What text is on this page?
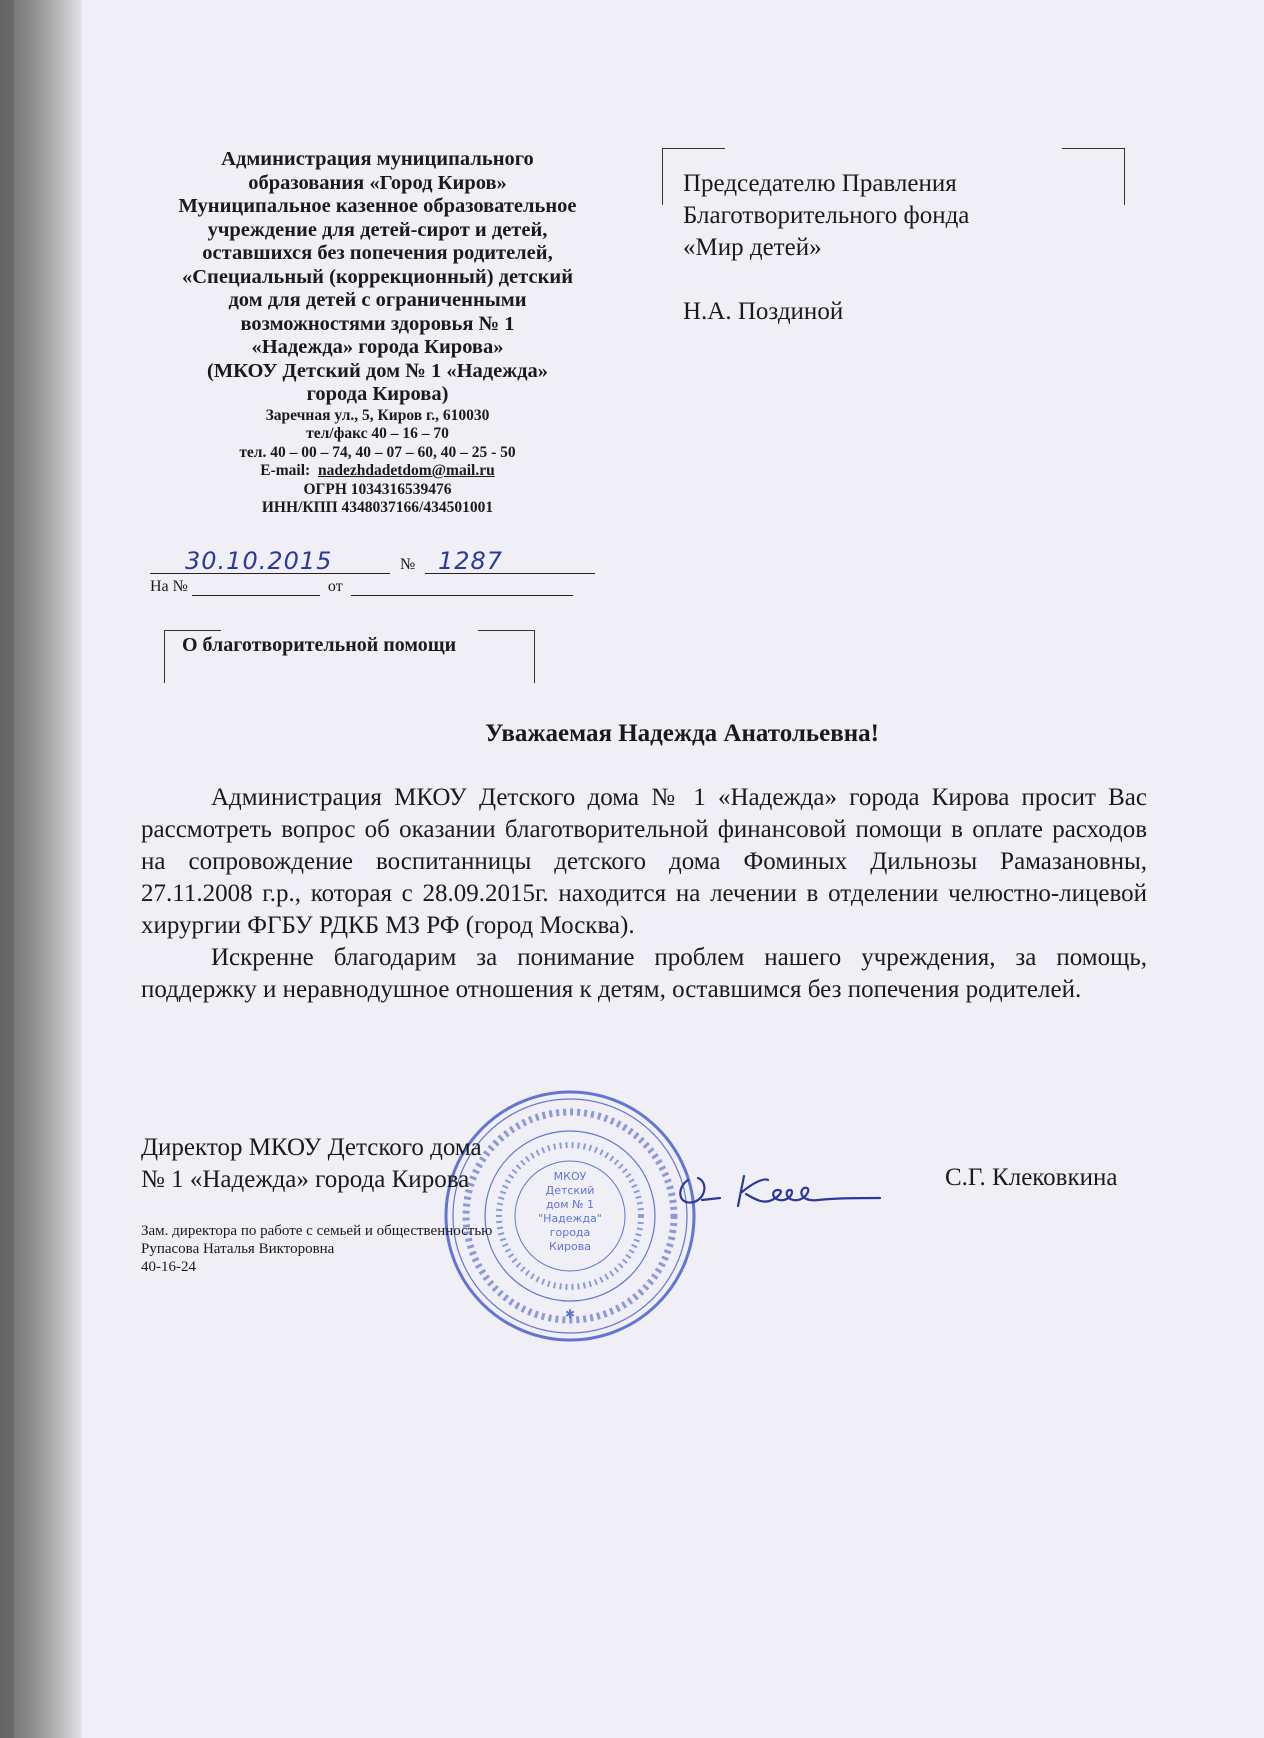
Администрация муниципального
образования «Город Киров»
Муниципальное казенное образовательное
учреждение для детей-сирот и детей,
оставшихся без попечения родителей,
«Специальный (коррекционный) детский
дом для детей с ограниченными
возможностями здоровья № 1
«Надежда» города Кирова»
(МКОУ Детский дом № 1 «Надежда»
города Кирова)
Заречная ул., 5, Киров г., 610030
тел/факс 40 – 16 – 70
тел. 40 – 00 – 74, 40 – 07 – 60, 40 – 25 - 50
E-mail: nadezhdadetdom@mail.ru
ОГРН 1034316539476
ИНН/КПП 4348037166/434501001
№
30.10.2015	1287
На №	от
О благотворительной помощи
Председателю Правления
Благотворительного фонда
«Мир детей»
Н.А. Поздиной
Уважаемая Надежда Анатольевна!

Администрация МКОУ Детского дома № 1 «Надежда» города Кирова просит Вас рассмотреть вопрос об оказании благотворительной финансовой помощи в оплате расходов на сопровождение воспитанницы детского дома Фоминых Дильнозы Рамазановны, 27.11.2008 г.р., которая с 28.09.2015г. находится на лечении в отделении челюстно-лицевой хирургии ФГБУ РДКБ МЗ РФ (город Москва).

Искренне благодарим за понимание проблем нашего учреждения, за помощь, поддержку и неравнодушное отношения к детям, оставшимся без попечения родителей.

МКОУ
Детский
дом № 1
"Надежда"
города
Кирова
✱
Директор МКОУ Детского дома
№ 1 «Надежда» города Кирова	С.Г. Клековкина
Зам. директора по работе с семьей и общественностью
Рупасова Наталья Викторовна
40-16-24
